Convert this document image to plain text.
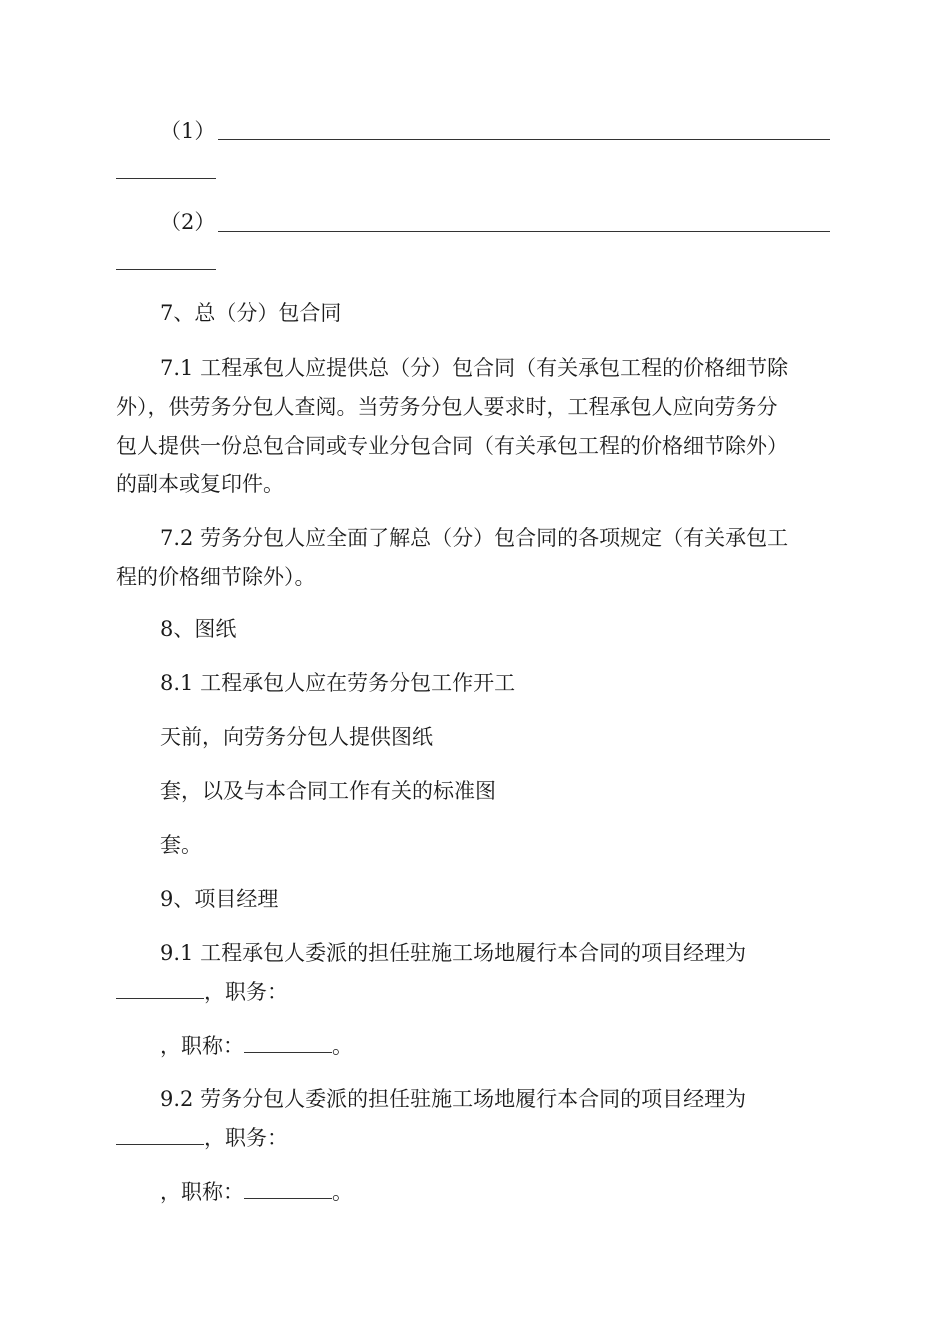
（1）
（2）
7、总（分）包合同
7.1 工程承包人应提供总（分）包合同（有关承包工程的价格细节除
外），供劳务分包人查阅。当劳务分包人要求时，工程承包人应向劳务分
包人提供一份总包合同或专业分包合同（有关承包工程的价格细节除外）
的副本或复印件。
7.2 劳务分包人应全面了解总（分）包合同的各项规定（有关承包工
程的价格细节除外）。
8、图纸
8.1 工程承包人应在劳务分包工作开工
天前，向劳务分包人提供图纸
套，以及与本合同工作有关的标准图
套。
9、项目经理
9.1 工程承包人委派的担任驻施工场地履行本合同的项目经理为
，职务：
，职称：	。
9.2 劳务分包人委派的担任驻施工场地履行本合同的项目经理为
，职务：
，职称：	。
